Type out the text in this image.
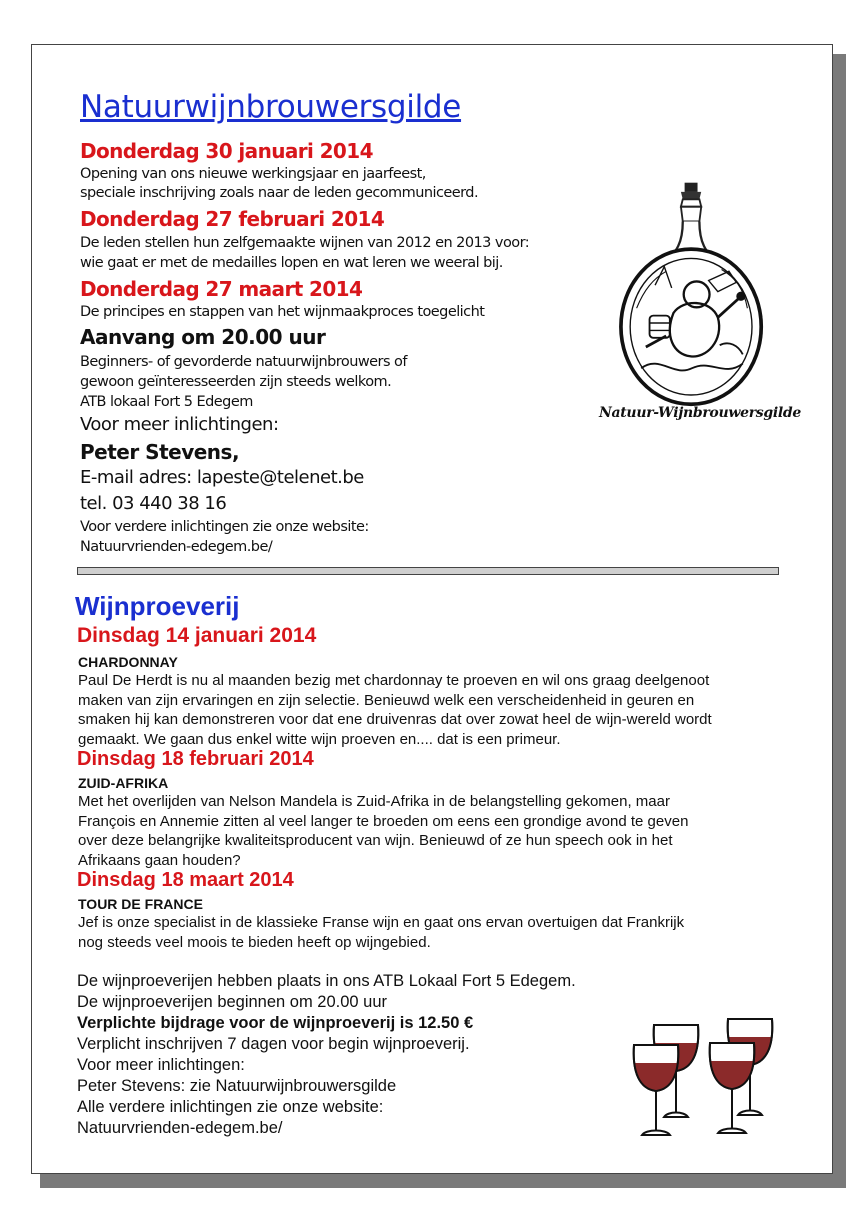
Natuurwijnbrouwersgilde
Donderdag 30 januari 2014
Opening van ons nieuwe werkingsjaar en jaarfeest,
speciale inschrijving zoals naar de leden gecommuniceerd.
Donderdag 27 februari 2014
De leden stellen hun zelfgemaakte wijnen van 2012 en 2013 voor:
wie gaat er met de medailles lopen en wat leren we weeral bij.
Donderdag 27 maart 2014
De principes en stappen van het wijnmaakproces toegelicht
Aanvang om 20.00 uur
Beginners- of gevorderde natuurwijnbrouwers of
gewoon geïnteresseerden zijn steeds welkom.
ATB lokaal Fort 5 Edegem
Voor meer inlichtingen:
Peter Stevens,
E-mail adres: lapeste@telenet.be
tel. 03 440 38 16
Voor verdere inlichtingen zie onze website:
Natuurvrienden-edegem.be/
Natuur-Wijnbrouwersgilde
Wijnproeverij
Dinsdag 14 januari 2014
CHARDONNAY
Paul De Herdt is nu al maanden bezig met chardonnay te proeven en wil ons graag deelgenoot
maken van zijn ervaringen en zijn selectie. Benieuwd welk een verscheidenheid in geuren en
smaken hij kan demonstreren voor dat ene druivenras dat over zowat heel de wijn-wereld wordt
gemaakt. We gaan dus enkel witte wijn proeven en.... dat is een primeur.
Dinsdag 18 februari 2014
ZUID-AFRIKA
Met het overlijden van Nelson Mandela is Zuid-Afrika in de belangstelling gekomen, maar
François en Annemie zitten al veel langer te broeden om eens een grondige avond te geven
over deze belangrijke kwaliteitsproducent van wijn. Benieuwd of ze hun speech ook in het
Afrikaans gaan houden?
Dinsdag 18 maart 2014
TOUR DE FRANCE
Jef is onze specialist in de klassieke Franse wijn en gaat ons ervan overtuigen dat Frankrijk
nog steeds veel moois te bieden heeft op wijngebied.
De wijnproeverijen hebben plaats in ons ATB Lokaal Fort 5 Edegem.
De wijnproeverijen beginnen om 20.00 uur
Verplichte bijdrage voor de wijnproeverij is 12.50 €
Verplicht inschrijven 7 dagen voor begin wijnproeverij.
Voor meer inlichtingen:
Peter Stevens: zie Natuurwijnbrouwersgilde
Alle verdere inlichtingen zie onze website:
Natuurvrienden-edegem.be/
